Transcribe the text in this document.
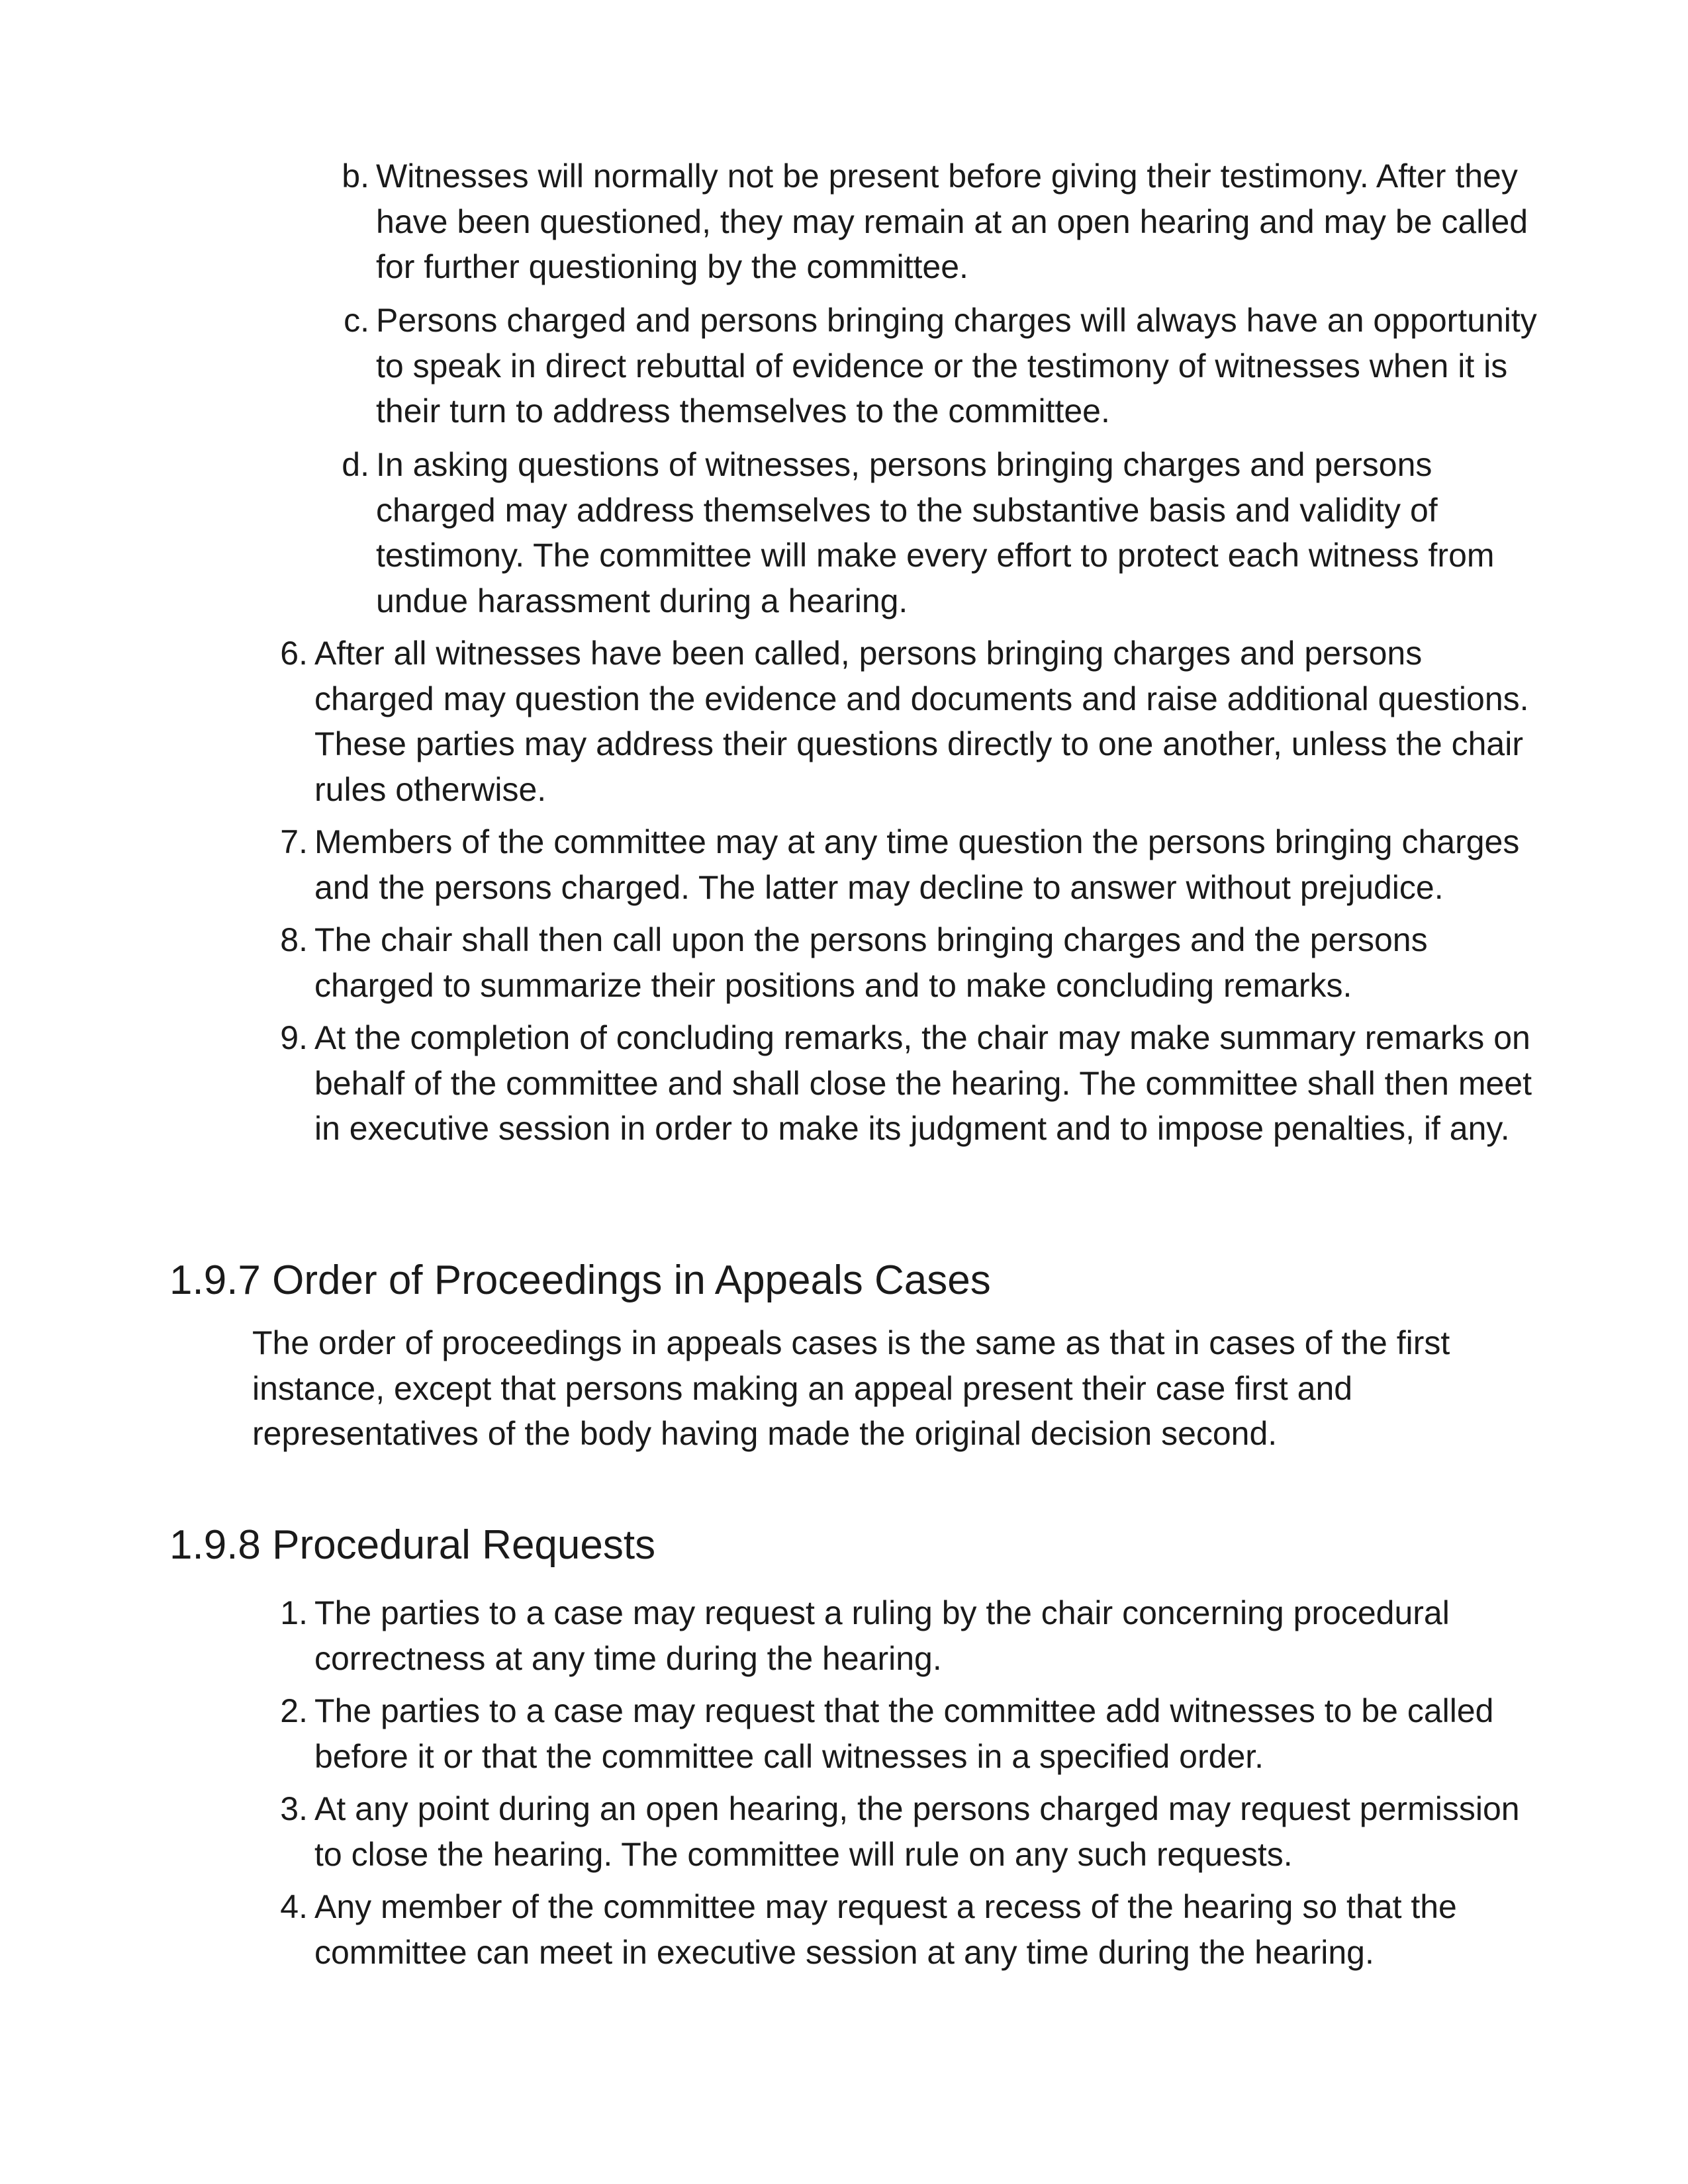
b. Witnesses will normally not be present before giving their testimony. After they have been questioned, they may remain at an open hearing and may be called for further questioning by the committee.
c. Persons charged and persons bringing charges will always have an opportunity to speak in direct rebuttal of evidence or the testimony of witnesses when it is their turn to address themselves to the committee.
d. In asking questions of witnesses, persons bringing charges and persons charged may address themselves to the substantive basis and validity of testimony. The committee will make every effort to protect each witness from undue harassment during a hearing.
6. After all witnesses have been called, persons bringing charges and persons charged may question the evidence and documents and raise additional questions. These parties may address their questions directly to one another, unless the chair rules otherwise.
7. Members of the committee may at any time question the persons bringing charges and the persons charged. The latter may decline to answer without prejudice.
8. The chair shall then call upon the persons bringing charges and the persons charged to summarize their positions and to make concluding remarks.
9. At the completion of concluding remarks, the chair may make summary remarks on behalf of the committee and shall close the hearing. The committee shall then meet in executive session in order to make its judgment and to impose penalties, if any.
1.9.7 Order of Proceedings in Appeals Cases

The order of proceedings in appeals cases is the same as that in cases of the first instance, except that persons making an appeal present their case first and representatives of the body having made the original decision second.

1.9.8 Procedural Requests
1. The parties to a case may request a ruling by the chair concerning procedural correctness at any time during the hearing.
2. The parties to a case may request that the committee add witnesses to be called before it or that the committee call witnesses in a specified order.
3. At any point during an open hearing, the persons charged may request permission to close the hearing. The committee will rule on any such requests.
4. Any member of the committee may request a recess of the hearing so that the committee can meet in executive session at any time during the hearing.
